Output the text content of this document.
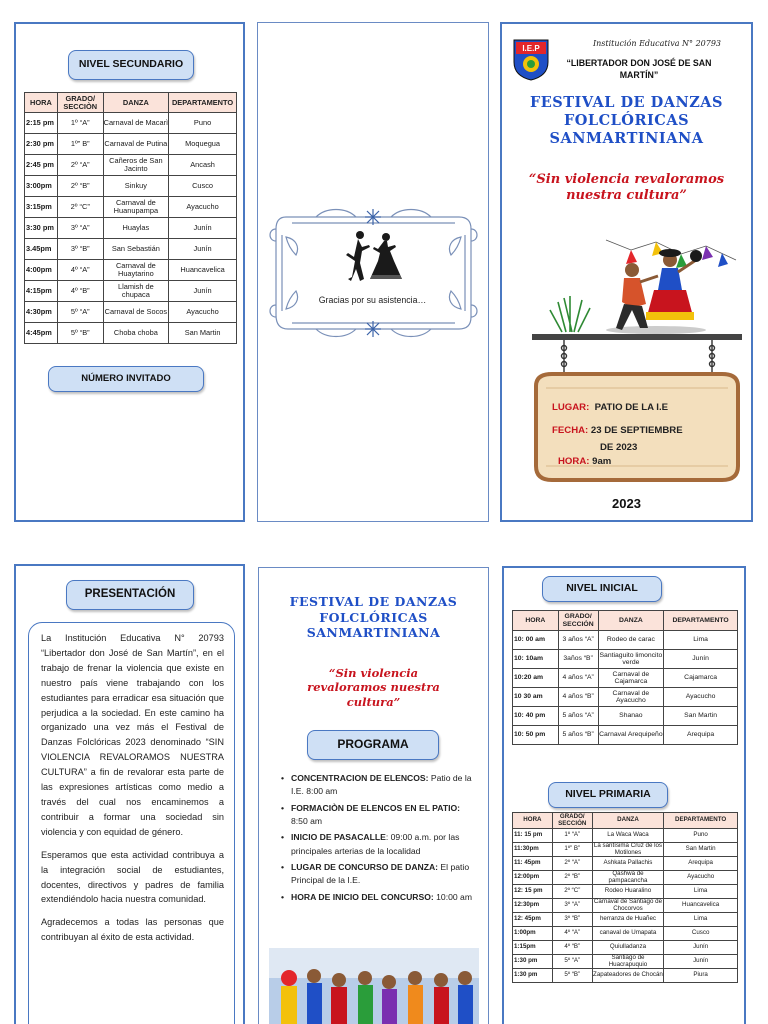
NIVEL SECUNDARIO
HORA	GRADO/ SECCIÒN	DANZA	DEPARTAMENTO
2:15 pm	1º “A”	Carnaval de Macarì	Puno
2:30 pm	1º” B”	Carnaval de Putina	Moquegua
2:45 pm	2º “A”	Cañeros de San Jacinto	Ancash
3:00pm	2º “B”	Sinkuy	Cusco
3:15pm	2º “C”	Carnaval de Huanupampa	Ayacucho
3:30 pm	3º “A”	Huaylas	Junín
3.45pm	3º “B”	San Sebastián	Junín
4:00pm	4º “A”	Carnaval de Huaytarino	Huancavelica
4:15pm	4º “B”	Llamish de chupaca	Junín
4:30pm	5º “A”	Carnaval de Socos	Ayacucho
4:45pm	5º “B”	Choba choba	San Martin
NÚMERO INVITADO
Gracias por su asistencia…
I.E.P
Institución Educativa N° 20793
“LIBERTADOR DON JOSÉ DE SAN MARTÍN”
FESTIVAL DE DANZAS
FOLCLÓRICAS
SANMARTINIANA
“Sin violencia revaloramos
nuestra cultura”
LUGAR: PATIO DE LA I.E
FECHA: 23 DE SEPTIEMBRE
DE 2023
HORA: 9am
2023
PRESENTACIÓN

La Institución Educativa N° 20793 “Libertador don José de San Martín”, en el trabajo de frenar la violencia que existe en nuestro país viene trabajando con los estudiantes para erradicar esa situación que perjudica a la sociedad. En este camino ha organizado una vez más el Festival de Danzas Folclóricas 2023 denominado “SIN VIOLENCIA REVALORAMOS NUESTRA CULTURA” a fin de revalorar esta parte de las expresiones artísticas como medio a través del cual nos encaminemos a contribuir a formar una sociedad sin violencia y con equidad de género.

Esperamos que esta actividad contribuya a la integración social de estudiantes, docentes, directivos y padres de familia extendiéndolo hacia nuestra comunidad.

Agradecemos a todas las personas que contribuyan al éxito de esta actividad.

FESTIVAL DE DANZAS
FOLCLÓRICAS
SANMARTINIANA
“Sin violencia
revaloramos nuestra
cultura”
PROGRAMA
• CONCENTRACION DE ELENCOS: Patio de la I.E. 8:00 am
• FORMACIÒN DE ELENCOS EN EL PATIO: 8:50 am
• INICIO DE PASACALLE: 09:00 a.m. por las principales arterias de la localidad
• LUGAR DE CONCURSO DE DANZA: El patio Principal de la I.E.
• HORA DE INICIO DEL CONCURSO: 10:00 am
NIVEL INICIAL
HORA	GRADO/ SECCIÓN	DANZA	DEPARTAMENTO
10: 00 am	3 años “A”	Rodeo de carac	Lima
10: 10am	3años “B”	Santiaguito limoncito verde	Junín
10:20 am	4 años “A”	Carnaval de Cajamarca	Cajamarca
10 30 am	4 años “B”	Carnaval de Ayacucho	Ayacucho
10: 40 pm	5 años “A”	Shanao	San Martin
10: 50 pm	5 años “B”	Carnaval Arequipeño	Arequipa
NIVEL PRIMARIA
HORA	GRADO/ SECCIÓN	DANZA	DEPARTAMENTO
11: 15 pm	1º “A”	La Waca Waca	Puno
11:30pm	1º” B”	La santísima Cruz de los Motilones	San Martin
11: 45pm	2º “A”	Ashkata Pallachis	Arequipa
12:00pm	2º “B”	Qashwa de pampacancha	Ayacucho
12: 15 pm	2º “C”	Rodeo Huaralino	Lima
12:30pm	3º “A”	Carnaval de Santiago de Chocorvos	Huancavelica
12: 45pm	3º “B”	herranza de Huañec	Lima
1:00pm	4º “A”	canaval de Umapata	Cusco
1:15pm	4º “B”	Quiulladanza	Junín
1:30 pm	5º “A”	Santiago de Huacrapuquio	Junín
1:30 pm	5º “B”	Zapateadores de Chocán	Piura
